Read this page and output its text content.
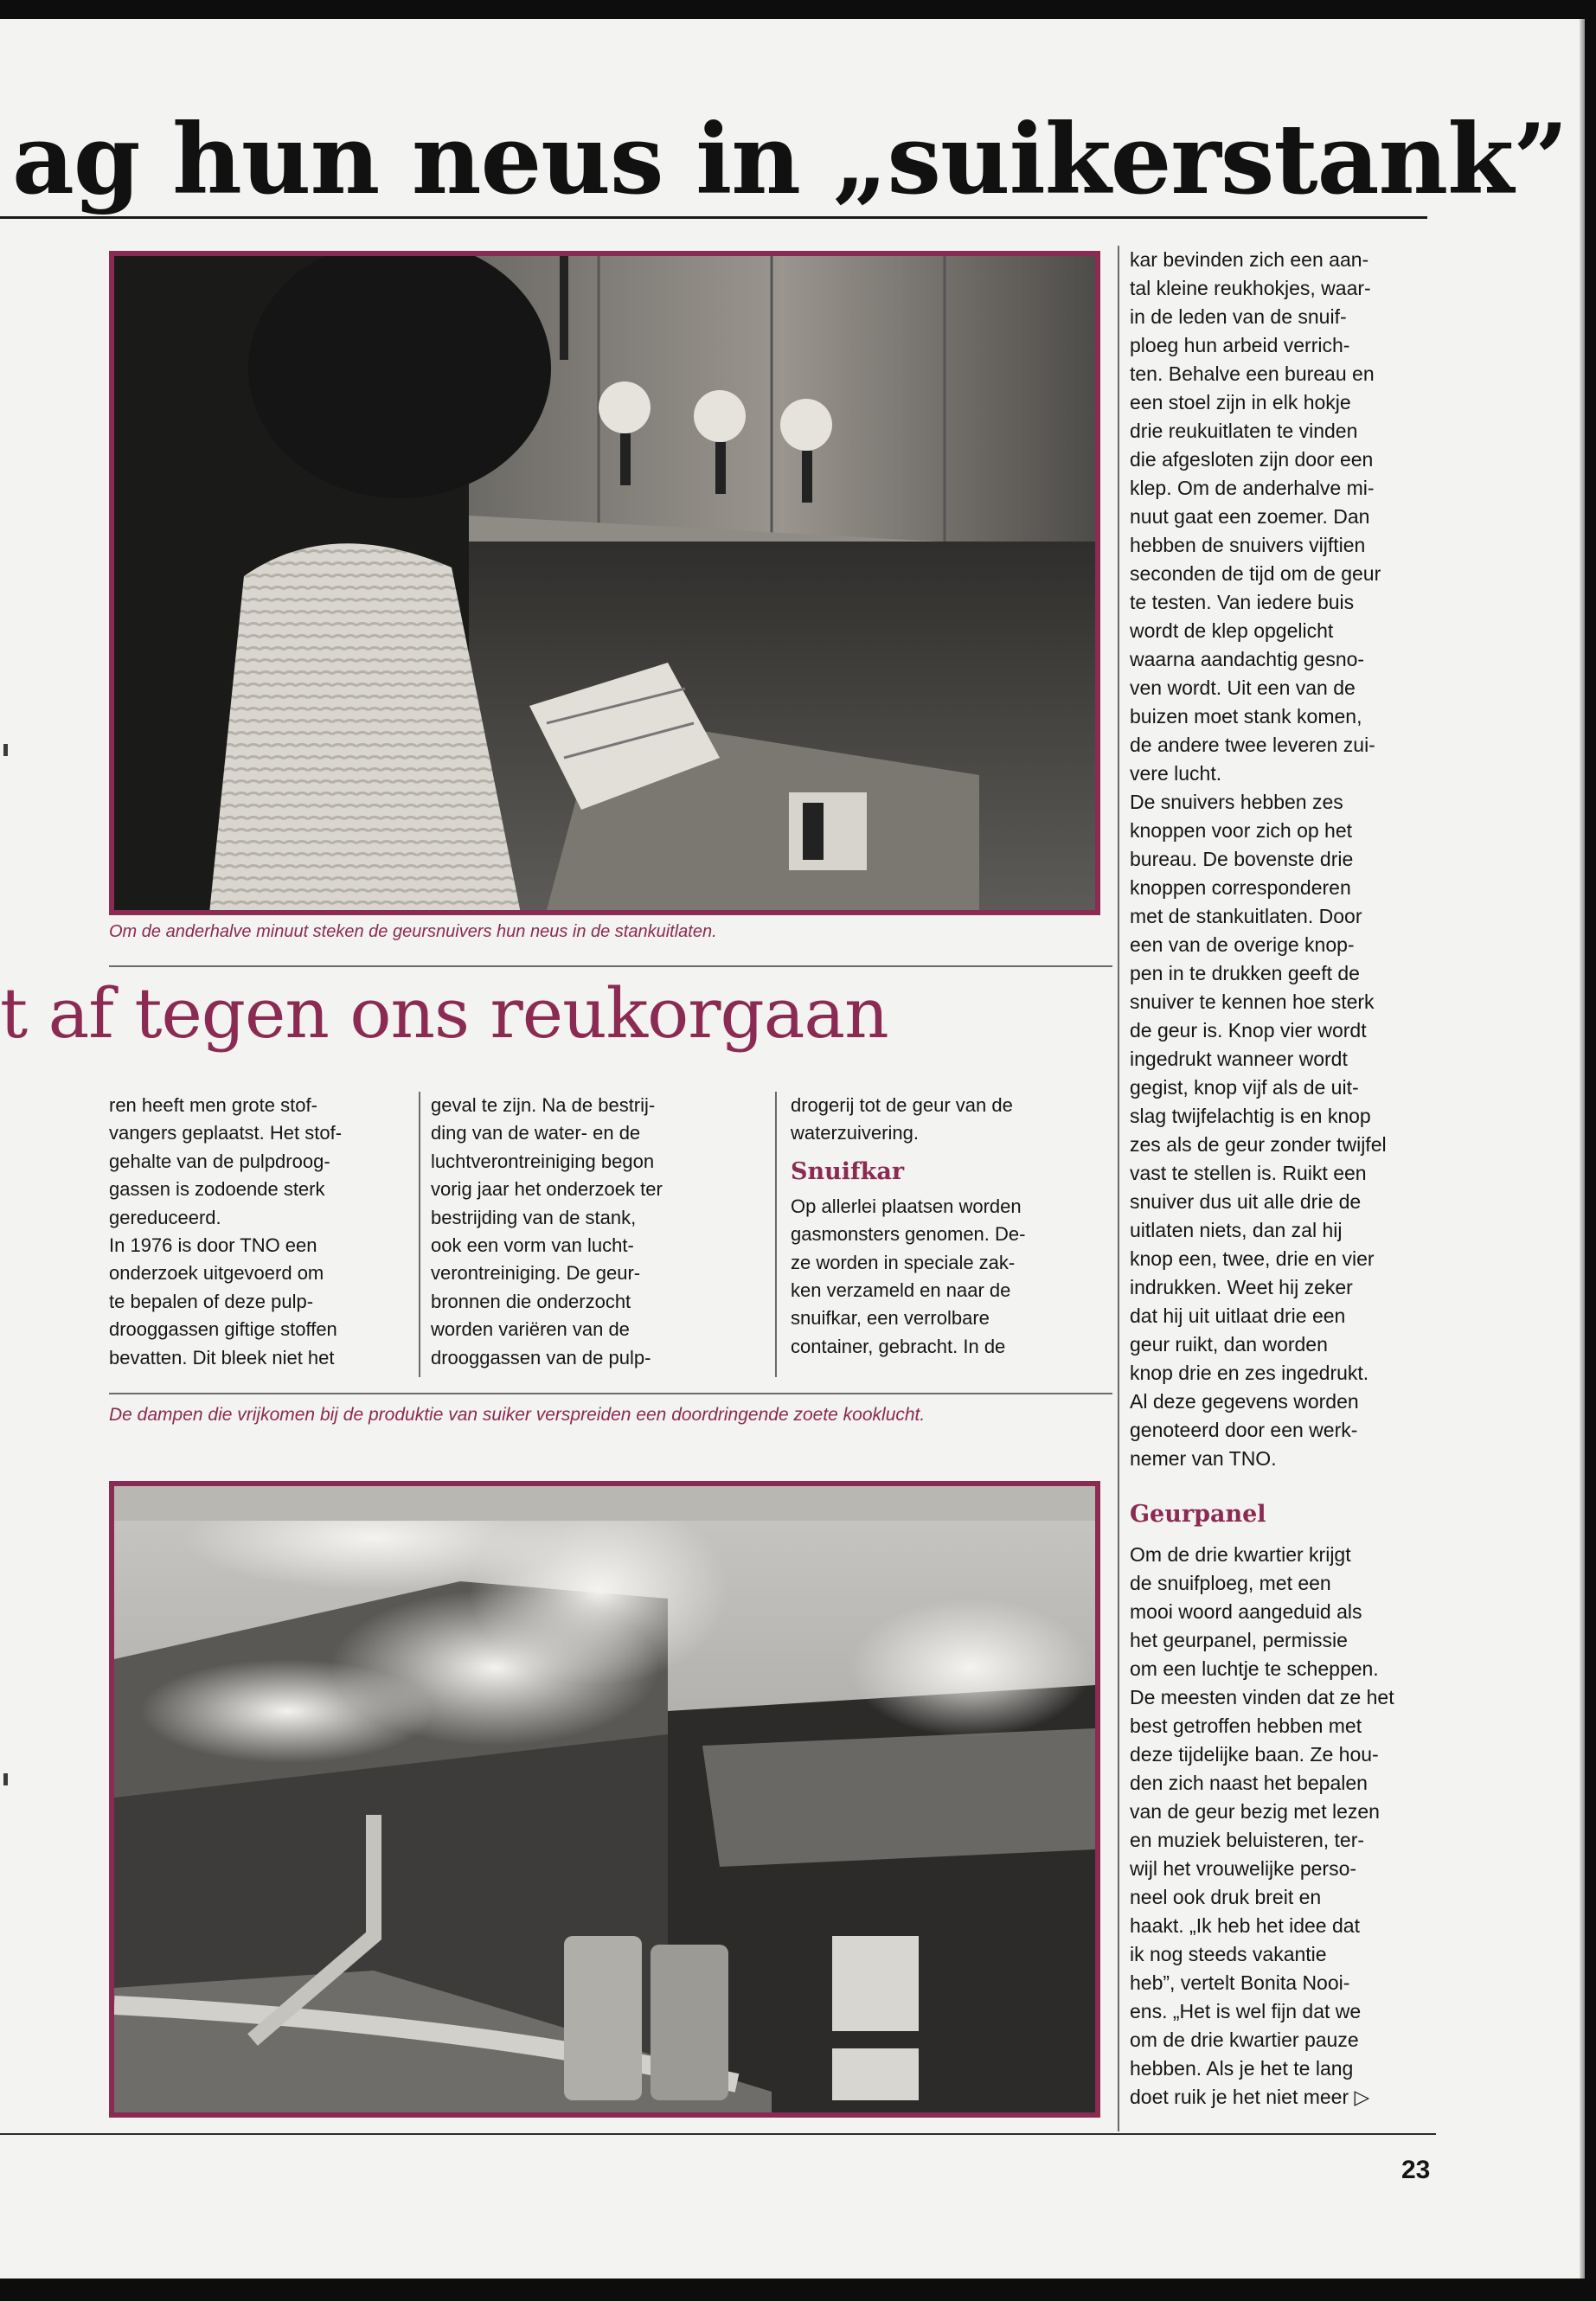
ag hun neus in „suikerstank”

Om de anderhalve minuut steken de geursnuivers hun neus in de stankuitlaten.

t af tegen ons reukorgaan

ren heeft men grote stof-

vangers geplaatst. Het stof-

gehalte van de pulpdroog-

gassen is zodoende sterk

gereduceerd.

In 1976 is door TNO een

onderzoek uitgevoerd om

te bepalen of deze pulp-

drooggassen giftige stoffen

bevatten. Dit bleek niet het

geval te zijn. Na de bestrij-

ding van de water- en de

luchtverontreiniging begon

vorig jaar het onderzoek ter

bestrijding van de stank,

ook een vorm van lucht-

verontreiniging. De geur-

bronnen die onderzocht

worden variëren van de

drooggassen van de pulp-

drogerij tot de geur van de

waterzuivering.

Snuifkar

Op allerlei plaatsen worden

gasmonsters genomen. De-

ze worden in speciale zak-

ken verzameld en naar de

snuifkar, een verrolbare

container, gebracht. In de

De dampen die vrijkomen bij de produktie van suiker verspreiden een doordringende zoete kooklucht.

kar bevinden zich een aan-

tal kleine reukhokjes, waar-

in de leden van de snuif-

ploeg hun arbeid verrich-

ten. Behalve een bureau en

een stoel zijn in elk hokje

drie reukuitlaten te vinden

die afgesloten zijn door een

klep. Om de anderhalve mi-

nuut gaat een zoemer. Dan

hebben de snuivers vijftien

seconden de tijd om de geur

te testen. Van iedere buis

wordt de klep opgelicht

waarna aandachtig gesno-

ven wordt. Uit een van de

buizen moet stank komen,

de andere twee leveren zui-

vere lucht.

De snuivers hebben zes

knoppen voor zich op het

bureau. De bovenste drie

knoppen corresponderen

met de stankuitlaten. Door

een van de overige knop-

pen in te drukken geeft de

snuiver te kennen hoe sterk

de geur is. Knop vier wordt

ingedrukt wanneer wordt

gegist, knop vijf als de uit-

slag twijfelachtig is en knop

zes als de geur zonder twijfel

vast te stellen is. Ruikt een

snuiver dus uit alle drie de

uitlaten niets, dan zal hij

knop een, twee, drie en vier

indrukken. Weet hij zeker

dat hij uit uitlaat drie een

geur ruikt, dan worden

knop drie en zes ingedrukt.

Al deze gegevens worden

genoteerd door een werk-

nemer van TNO.

Geurpanel

Om de drie kwartier krijgt

de snuifploeg, met een

mooi woord aangeduid als

het geurpanel, permissie

om een luchtje te scheppen.

De meesten vinden dat ze het

best getroffen hebben met

deze tijdelijke baan. Ze hou-

den zich naast het bepalen

van de geur bezig met lezen

en muziek beluisteren, ter-

wijl het vrouwelijke perso-

neel ook druk breit en

haakt. „Ik heb het idee dat

ik nog steeds vakantie

heb”, vertelt Bonita Nooi-

ens. „Het is wel fijn dat we

om de drie kwartier pauze

hebben. Als je het te lang

doet ruik je het niet meer ▷

23
